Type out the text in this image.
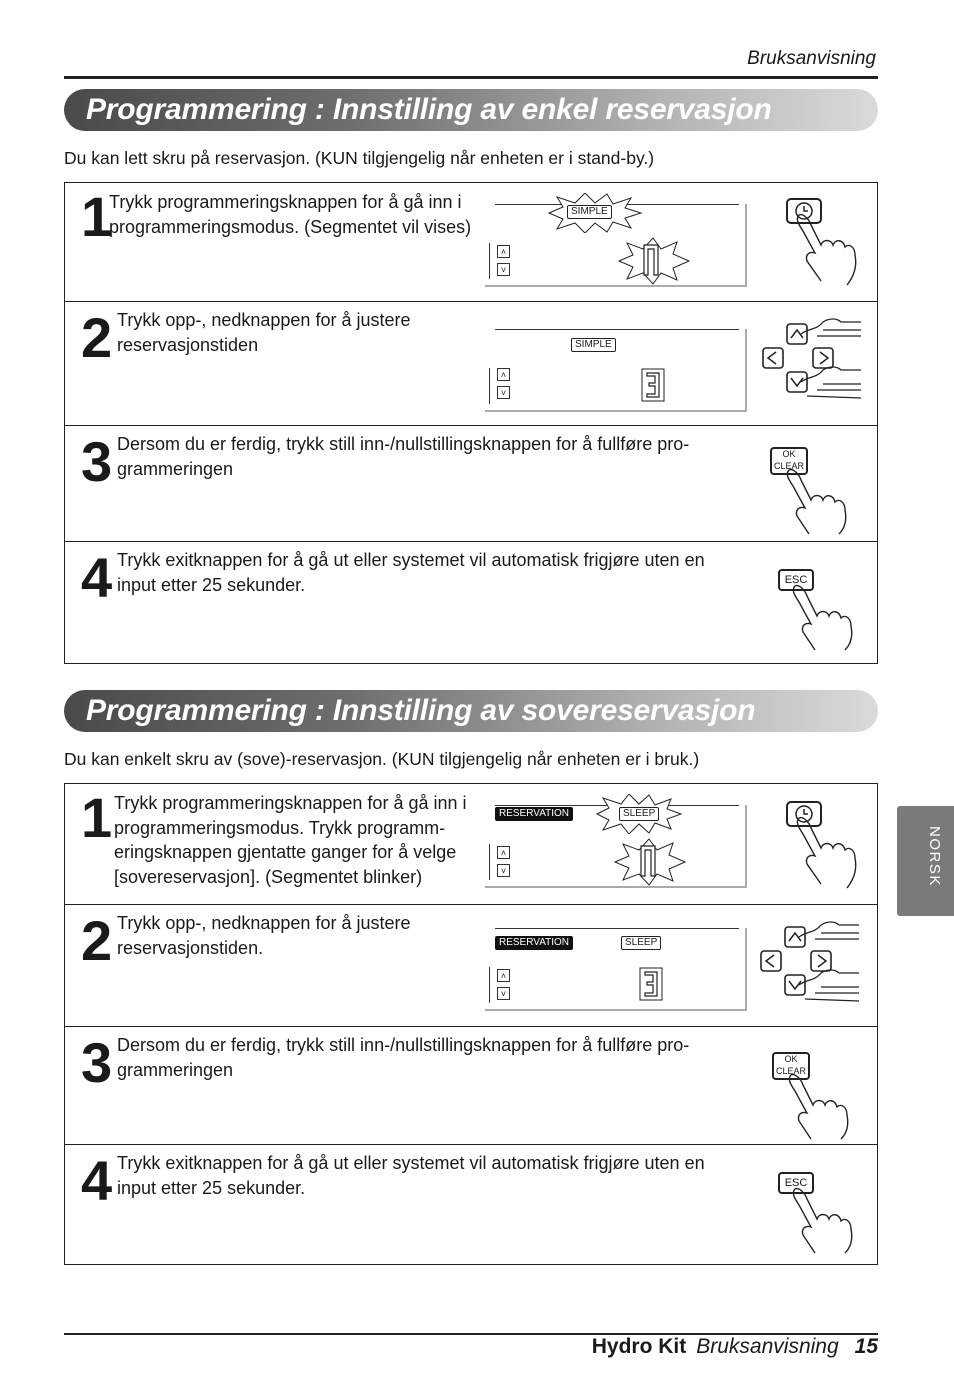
Bruksanvisning
Programmering : Innstilling av enkel reservasjon
Du kan lett skru på reservasjon. (KUN tilgjengelig når enheten er i stand-by.)
1
Trykk programmeringsknappen for å gå inn i programmeringsmodus. (Segmentet vil vises)
SIMPLE
˄
˅
2 Trykk opp-, nedknappen for å justere reservasjonstiden	SIMPLE
˄
˅
3 Dersom du er ferdig, trykk still inn-/nullstillingsknappen for å fullføre pro-grammeringen
OK
CLEAR
4 Trykk exitknappen for å gå ut eller systemet vil automatisk frigjøre uten en input etter 25 sekunder.	ESC
Programmering : Innstilling av sovereservasjon
Du kan enkelt skru av (sove)-reservasjon. (KUN tilgjengelig når enheten er i bruk.)
1 Trykk programmeringsknappen for å gå inn i programmeringsmodus. Trykk programm-eringsknappen gjentatte ganger for å velge [sovereservasjon]. (Segmentet blinker)
RESERVATION	SLEEP
˄
˅
2 Trykk opp-, nedknappen for å justere reservasjonstiden.	RESERVATION	SLEEP
˄
˅
3 Dersom du er ferdig, trykk still inn-/nullstillingsknappen for å fullføre pro-grammeringen
OK
CLEAR
4 Trykk exitknappen for å gå ut eller systemet vil automatisk frigjøre uten en input etter 25 sekunder.	ESC
NORSK
Hydro Kit Bruksanvisning 15
